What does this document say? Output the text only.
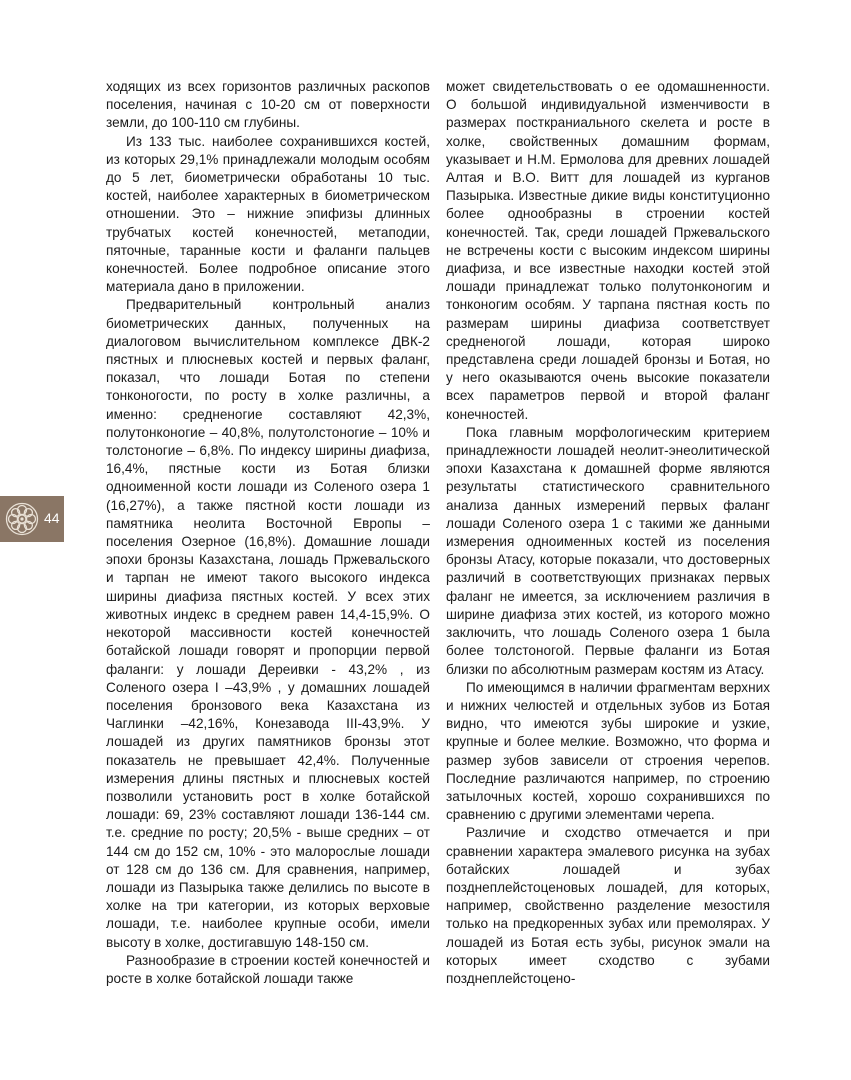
ходящих из всех горизонтов различных раскопов поселения, начиная с 10-20 см от поверхности земли, до 100-110 см глубины.

Из 133 тыс. наиболее сохранившихся костей, из которых 29,1% принадлежали молодым особям до 5 лет, биометрически обработаны 10 тыс. костей, наиболее характерных в биометрическом отношении. Это – нижние эпифизы длинных трубчатых костей конечностей, метаподии, пяточные, таранные кости и фаланги пальцев конечностей. Более подробное описание этого материала дано в приложении.

Предварительный контрольный анализ биометрических данных, полученных на диалоговом вычислительном комплексе ДВК-2 пястных и плюсневых костей и первых фаланг, показал, что лошади Ботая по степени тонконогости, по росту в холке различны, а именно: средненогие составляют 42,3%, полутонконогие – 40,8%, полутолстоногие – 10% и толстоногие – 6,8%. По индексу ширины диафиза, 16,4%, пястные кости из Ботая близки одноименной кости лошади из Соленого озера 1 (16,27%), а также пястной кости лошади из памятника неолита Восточной Европы – поселения Озерное (16,8%). Домашние лошади эпохи бронзы Казахстана, лошадь Пржевальского и тарпан не имеют такого высокого индекса ширины диафиза пястных костей. У всех этих животных индекс в среднем равен 14,4-15,9%. О некоторой массивности костей конечностей ботайской лошади говорят и пропорции первой фаланги: у лошади Дереивки - 43,2% , из Соленого озера I –43,9% , у домашних лошадей поселения бронзового века Казахстана из Чаглинки –42,16%, Конезавода III-43,9%. У лошадей из других памятников бронзы этот показатель не превышает 42,4%. Полученные измерения длины пястных и плюсневых костей позволили установить рост в холке ботайской лошади: 69, 23% составляют лошади 136-144 см. т.е. средние по росту; 20,5% - выше средних – от 144 см до 152 см, 10% - это малорослые лошади от 128 см до 136 см. Для сравнения, например, лошади из Пазырыка также делились по высоте в холке на три категории, из которых верховые лошади, т.е. наиболее крупные особи, имели высоту в холке, достигавшую 148-150 см.

Разнообразие в строении костей конечностей и росте в холке ботайской лошади также

может свидетельствовать о ее одомашненности. О большой индивидуальной изменчивости в размерах посткраниального скелета и росте в холке, свойственных домашним формам, указывает и Н.М. Ермолова для древних лошадей Алтая и В.О. Витт для лошадей из курганов Пазырыка. Известные дикие виды конституционно более однообразны в строении костей конечностей. Так, среди лошадей Пржевальского не встречены кости с высоким индексом ширины диафиза, и все известные находки костей этой лошади принадлежат только полутонконогим и тонконогим особям. У тарпана пястная кость по размерам ширины диафиза соответствует средненогой лошади, которая широко представлена среди лошадей бронзы и Ботая, но у него оказываются очень высокие показатели всех параметров первой и второй фаланг конечностей.

Пока главным морфологическим критерием принадлежности лошадей неолит-энеолитической эпохи Казахстана к домашней форме являются результаты статистического сравнительного анализа данных измерений первых фаланг лошади Соленого озера 1 с такими же данными измерения одноименных костей из поселения бронзы Атасу, которые показали, что достоверных различий в соответствующих признаках первых фаланг не имеется, за исключением различия в ширине диафиза этих костей, из которого можно заключить, что лошадь Соленого озера 1 была более толстоногой. Первые фаланги из Ботая близки по абсолютным размерам костям из Атасу.

По имеющимся в наличии фрагментам верхних и нижних челюстей и отдельных зубов из Ботая видно, что имеются зубы широкие и узкие, крупные и более мелкие. Возможно, что форма и размер зубов зависели от строения черепов. Последние различаются например, по строению затылочных костей, хорошо сохранившихся по сравнению с другими элементами черепа.

Различие и сходство отмечается и при сравнении характера эмалевого рисунка на зубах ботайских лошадей и зубах позднеплейстоценовых лошадей, для которых, например, свойственно разделение мезостиля только на предкоренных зубах или премолярах. У лошадей из Ботая есть зубы, рисунок эмали на которых имеет сходство с зубами позднеплейстоцено-

44
